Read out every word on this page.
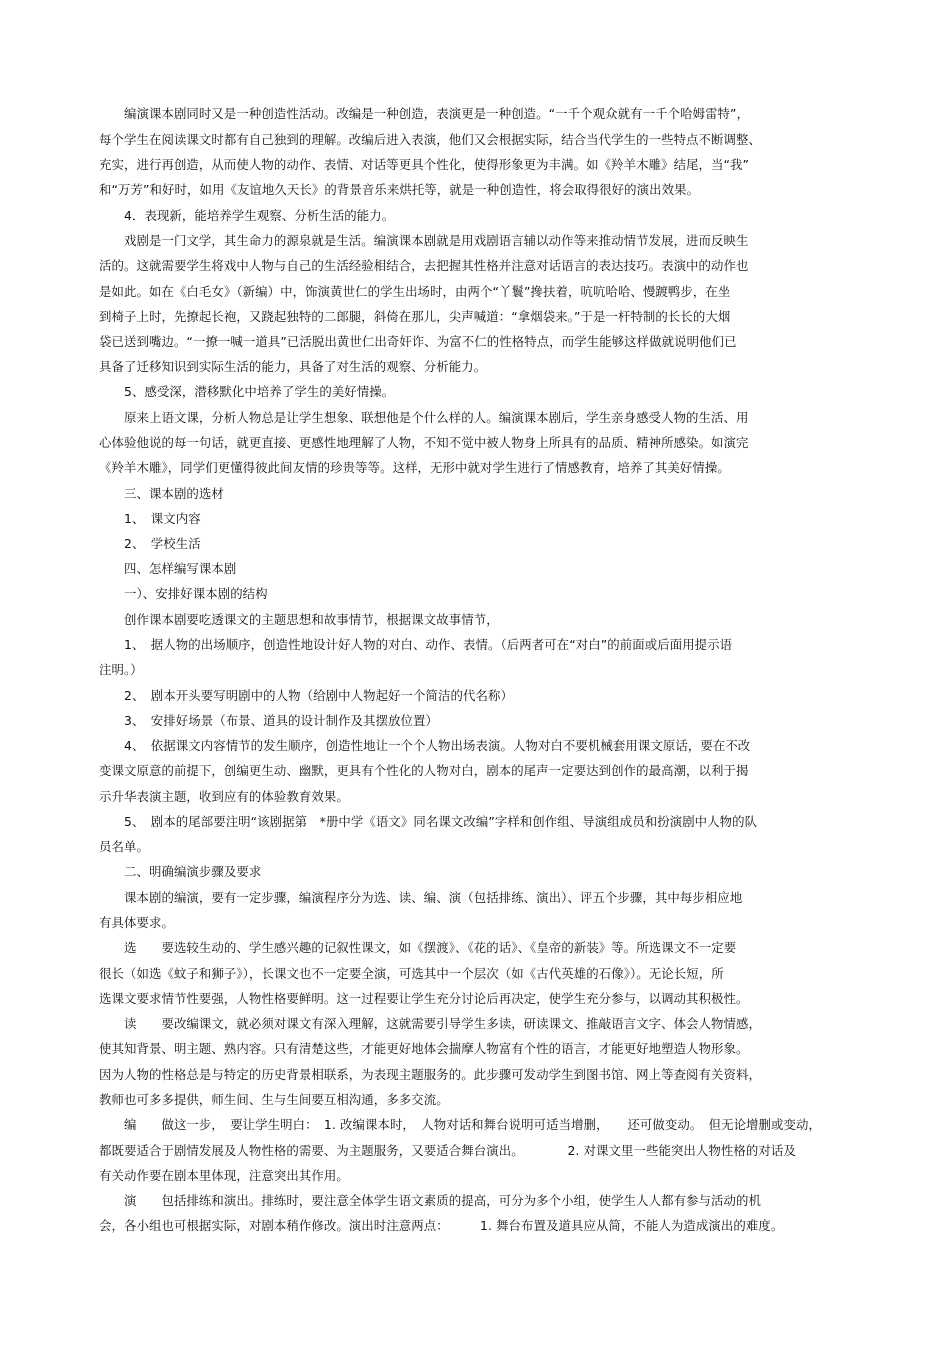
　　编演课本剧同时又是一种创造性活动。改编是一种创造，表演更是一种创造。“一千个观众就有一千个哈姆雷特”，
每个学生在阅读课文时都有自己独到的理解。改编后进入表演，他们又会根据实际，结合当代学生的一些特点不断调整、
充实，进行再创造，从而使人物的动作、表情、对话等更具个性化，使得形象更为丰满。如《羚羊木雕》结尾，当“我”
和“万芳”和好时，如用《友谊地久天长》的背景音乐来烘托等，就是一种创造性，将会取得很好的演出效果。
　　4．表现新，能培养学生观察、分析生活的能力。
　　戏剧是一门文学，其生命力的源泉就是生活。编演课本剧就是用戏剧语言辅以动作等来推动情节发展，进而反映生
活的。这就需要学生将戏中人物与自己的生活经验相结合，去把握其性格并注意对话语言的表达技巧。表演中的动作也
是如此。如在《白毛女》（新编）中，饰演黄世仁的学生出场时，由两个“丫鬟”搀扶着，吭吭哈哈、慢踱鸭步，在坐
到椅子上时，先撩起长袍，又跷起独特的二郎腿，斜倚在那儿，尖声喊道：“拿烟袋来。”于是一杆特制的长长的大烟
袋已送到嘴边。“一撩一喊一道具”已活脱出黄世仁出奇奸诈、为富不仁的性格特点，而学生能够这样做就说明他们已
具备了迁移知识到实际生活的能力，具备了对生活的观察、分析能力。
　　5、感受深，潜移默化中培养了学生的美好情操。
　　原来上语文课，分析人物总是让学生想象、联想他是个什么样的人。编演课本剧后，学生亲身感受人物的生活、用
心体验他说的每一句话，就更直接、更感性地理解了人物，不知不觉中被人物身上所具有的品质、精神所感染。如演完
《羚羊木雕》，同学们更懂得彼此间友情的珍贵等等。这样，无形中就对学生进行了情感教育，培养了其美好情操。
　　三、课本剧的选材
　　1、　课文内容
　　2、　学校生活
　　四、怎样编写课本剧
　　一）、安排好课本剧的结构
　　创作课本剧要吃透课文的主题思想和故事情节，根据课文故事情节，
　　1、　据人物的出场顺序，创造性地设计好人物的对白、动作、表情。（后两者可在“对白”的前面或后面用提示语
注明。）
　　2、　剧本开头要写明剧中的人物（给剧中人物起好一个简洁的代名称）
　　3、　安排好场景（布景、道具的设计制作及其摆放位置）
　　4、　依据课文内容情节的发生顺序，创造性地让一个个人物出场表演。人物对白不要机械套用课文原话，要在不改
变课文原意的前提下，创编更生动、幽默，更具有个性化的人物对白，剧本的尾声一定要达到创作的最高潮，以利于揭
示升华表演主题，收到应有的体验教育效果。
　　5、　剧本的尾部要注明“该剧据第　*册中学《语文》同名课文改编”字样和创作组、导演组成员和扮演剧中人物的队
员名单。
　　二、明确编演步骤及要求
　　课本剧的编演，要有一定步骤，编演程序分为选、读、编、演（包括排练、演出）、评五个步骤，其中每步相应地
有具体要求。
　　选　　要选较生动的、学生感兴趣的记叙性课文，如《摆渡》、《花的话》、《皇帝的新装》等。所选课文不一定要
很长（如选《蚊子和狮子》），长课文也不一定要全演，可选其中一个层次（如《古代英雄的石像》）。无论长短，所
选课文要求情节性要强，人物性格要鲜明。这一过程要让学生充分讨论后再决定，使学生充分参与，以调动其积极性。
　　读　　要改编课文，就必须对课文有深入理解，这就需要引导学生多读，研读课文、推敲语言文字、体会人物情感，
使其知背景、明主题、熟内容。只有清楚这些，才能更好地体会揣摩人物富有个性的语言，才能更好地塑造人物形象。
因为人物的性格总是与特定的历史背景相联系，为表现主题服务的。此步骤可发动学生到图书馆、网上等查阅有关资料，
教师也可多多提供，师生间、生与生间要互相沟通，多多交流。
　　编　　做这一步，　要让学生明白：　1. 改编课本时，　人物对话和舞台说明可适当增删，　　还可做变动。　但无论增删或变动，
都既要适合于剧情发展及人物性格的需要、为主题服务，又要适合舞台演出。　　　　2. 对课文里一些能突出人物性格的对话及
有关动作要在剧本里体现，注意突出其作用。
　　演　　包括排练和演出。排练时，要注意全体学生语文素质的提高，可分为多个小组，使学生人人都有参与活动的机
会，各小组也可根据实际，对剧本稍作修改。演出时注意两点：　　　1. 舞台布置及道具应从简，不能人为造成演出的难度。
